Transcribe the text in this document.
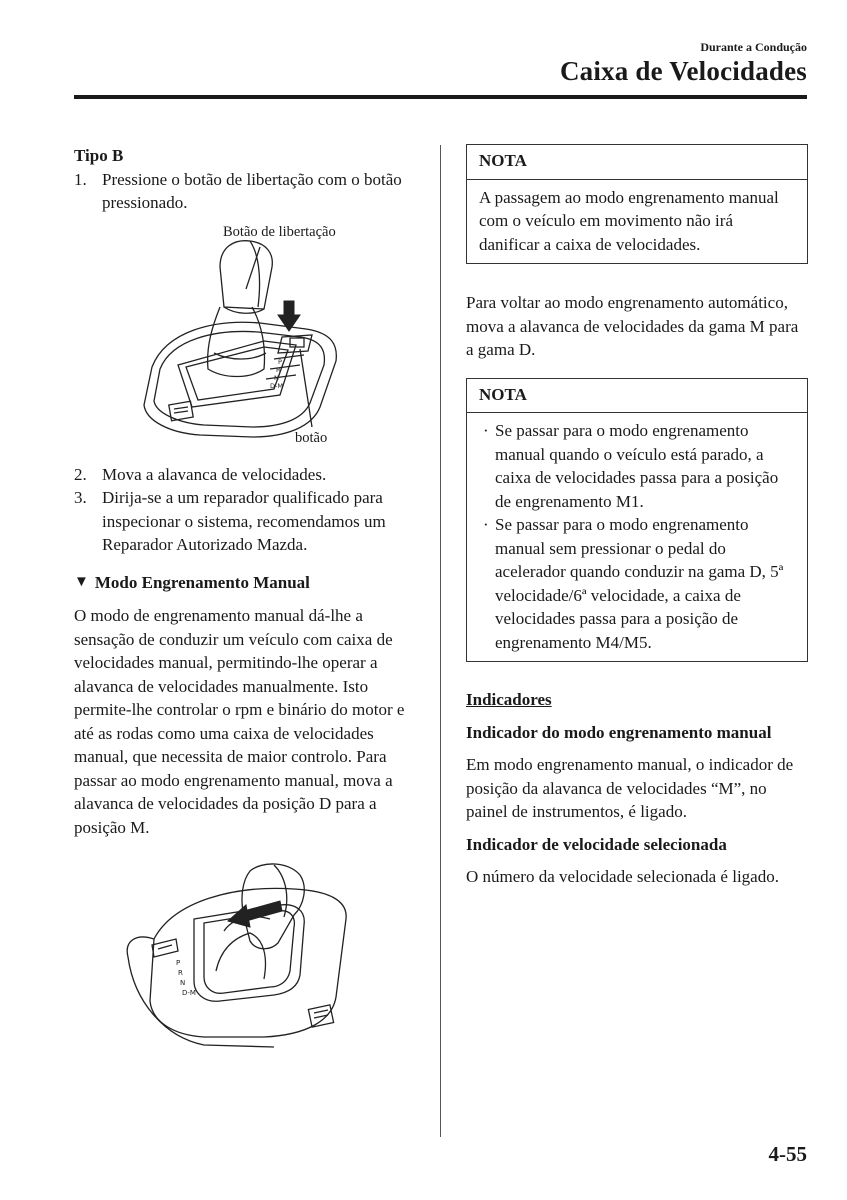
Durante a Condução
Caixa de Velocidades

Tipo B

1. Pressione o botão de libertação com o botão pressionado.
Botão de libertação
botão
P
R
N
D-M
2. Mova a alavanca de velocidades.
3. Dirija-se a um reparador qualificado para inspecionar o sistema, recomendamos um Reparador Autorizado Mazda.
▼ Modo Engrenamento Manual

O modo de engrenamento manual dá-lhe a sensação de conduzir um veículo com caixa de velocidades manual, permitindo-lhe operar a alavanca de velocidades manualmente. Isto permite-lhe controlar o rpm e binário do motor e até as rodas como uma caixa de velocidades manual, que necessita de maior controlo. Para passar ao modo engrenamento manual, mova a alavanca de velocidades da posição D para a posição M.

P
R
N
D-M
NOTA
A passagem ao modo engrenamento manual com o veículo em movimento não irá danificar a caixa de velocidades.

Para voltar ao modo engrenamento automático, mova a alavanca de velocidades da gama M para a gama D.

NOTA
· Se passar para o modo engrenamento manual quando o veículo está parado, a caixa de velocidades passa para a posição de engrenamento M1.
· Se passar para o modo engrenamento manual sem pressionar o pedal do acelerador quando conduzir na gama D, 5ª velocidade/6ª velocidade, a caixa de velocidades passa para a posição de engrenamento M4/M5.

Indicadores

Indicador do modo engrenamento manual

Em modo engrenamento manual, o indicador de posição da alavanca de velocidades “M”, no painel de instrumentos, é ligado.

Indicador de velocidade selecionada

O número da velocidade selecionada é ligado.

4-55
